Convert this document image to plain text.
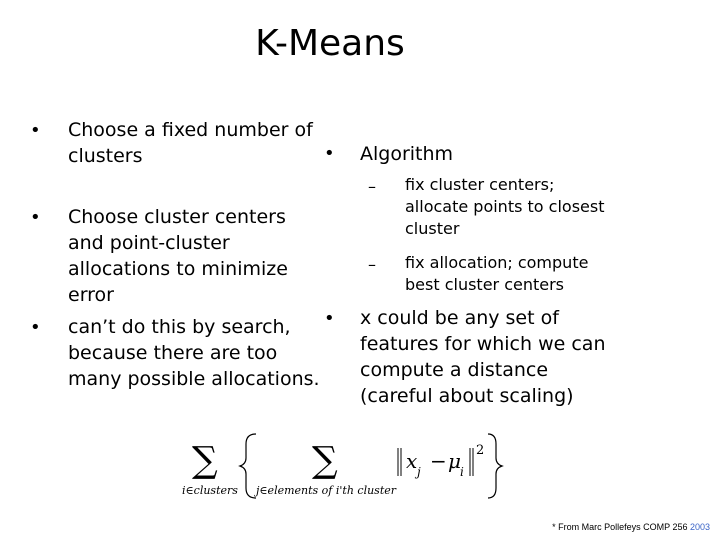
K-Means
• Choose a fixed number of
clusters
• Choose cluster centers
and point-cluster
allocations to minimize
error
• can’t do this by search,
because there are too
many possible allocations.
• Algorithm
– fix cluster centers;
allocate points to closest
cluster
– fix allocation; compute
best cluster centers
• x could be any set of
features for which we can
compute a distance
(careful about scaling)
∑
i∈clusters
∑
j∈elements of i'th cluster
x j − μ i
2
* From Marc Pollefeys COMP 256 2003
